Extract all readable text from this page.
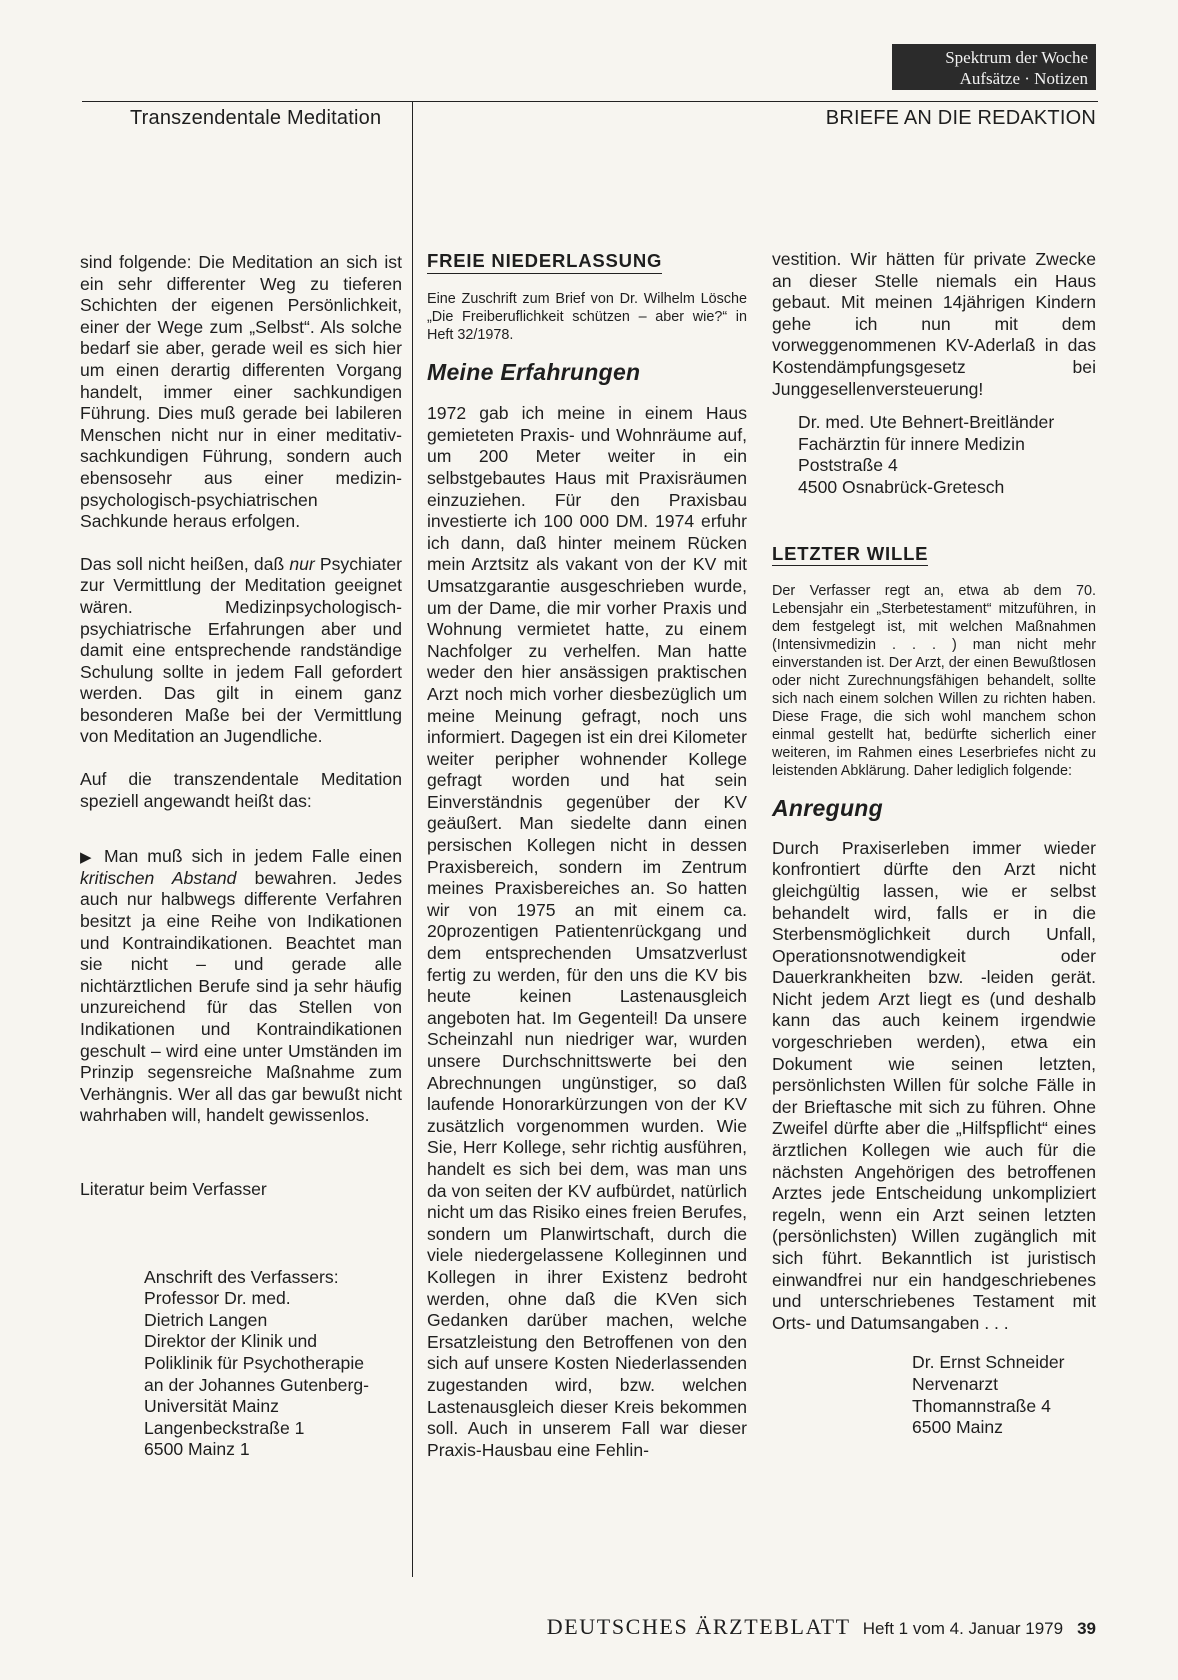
Spektrum der Woche
Aufsätze · Notizen
Transzendentale Meditation	BRIEFE AN DIE REDAKTION

sind folgende: Die Meditation an sich ist ein sehr differenter Weg zu tieferen Schichten der eigenen Persönlichkeit, einer der Wege zum „Selbst“. Als solche bedarf sie aber, gerade weil es sich hier um einen derartig differenten Vorgang handelt, immer einer sachkundigen Führung. Dies muß gerade bei labileren Menschen nicht nur in einer meditativ-sachkundigen Führung, sondern auch ebensosehr aus einer medizin-psychologisch-psychiatrischen Sachkunde heraus erfolgen.

Das soll nicht heißen, daß nur Psychiater zur Vermittlung der Meditation geeignet wären. Medizinpsychologisch-psychiatrische Erfahrungen aber und damit eine entsprechende randständige Schulung sollte in jedem Fall gefordert werden. Das gilt in einem ganz besonderen Maße bei der Vermittlung von Meditation an Jugendliche.

Auf die transzendentale Meditation speziell angewandt heißt das:

▶ Man muß sich in jedem Falle einen kritischen Abstand bewahren. Jedes auch nur halbwegs differente Verfahren besitzt ja eine Reihe von Indikationen und Kontraindikationen. Beachtet man sie nicht – und gerade alle nichtärztlichen Berufe sind ja sehr häufig unzureichend für das Stellen von Indikationen und Kontraindikationen geschult – wird eine unter Umständen im Prinzip segensreiche Maßnahme zum Verhängnis. Wer all das gar bewußt nicht wahrhaben will, handelt gewissenlos.

Literatur beim Verfasser
Anschrift des Verfassers:
Professor Dr. med.
Dietrich Langen
Direktor der Klinik und
Poliklinik für Psychotherapie
an der Johannes Gutenberg-
Universität Mainz
Langenbeckstraße 1
6500 Mainz 1
FREIE NIEDERLASSUNG

Eine Zuschrift zum Brief von Dr. Wilhelm Lösche „Die Freiberuflichkeit schützen – aber wie?“ in Heft 32/1978.

Meine Erfahrungen

1972 gab ich meine in einem Haus gemieteten Praxis- und Wohnräume auf, um 200 Meter weiter in ein selbstgebautes Haus mit Praxisräumen einzuziehen. Für den Praxisbau investierte ich 100 000 DM. 1974 erfuhr ich dann, daß hinter meinem Rücken mein Arztsitz als vakant von der KV mit Umsatzgarantie ausgeschrieben wurde, um der Dame, die mir vorher Praxis und Wohnung vermietet hatte, zu einem Nachfolger zu verhelfen. Man hatte weder den hier ansässigen praktischen Arzt noch mich vorher diesbezüglich um meine Meinung gefragt, noch uns informiert. Dagegen ist ein drei Kilometer weiter peripher wohnender Kollege gefragt worden und hat sein Einverständnis gegenüber der KV geäußert. Man siedelte dann einen persischen Kollegen nicht in dessen Praxisbereich, sondern im Zentrum meines Praxisbereiches an. So hatten wir von 1975 an mit einem ca. 20prozentigen Patientenrückgang und dem entsprechenden Umsatzverlust fertig zu werden, für den uns die KV bis heute keinen Lastenausgleich angeboten hat. Im Gegenteil! Da unsere Scheinzahl nun niedriger war, wurden unsere Durchschnittswerte bei den Abrechnungen ungünstiger, so daß laufende Honorarkürzungen von der KV zusätzlich vorgenommen wurden. Wie Sie, Herr Kollege, sehr richtig ausführen, handelt es sich bei dem, was man uns da von seiten der KV aufbürdet, natürlich nicht um das Risiko eines freien Berufes, sondern um Planwirtschaft, durch die viele niedergelassene Kolleginnen und Kollegen in ihrer Existenz bedroht werden, ohne daß die KVen sich Gedanken darüber machen, welche Ersatzleistung den Betroffenen von den sich auf unsere Kosten Niederlassenden zugestanden wird, bzw. welchen Lastenausgleich dieser Kreis bekommen soll. Auch in unserem Fall war dieser Praxis-Hausbau eine Fehlin-

vestition. Wir hätten für private Zwecke an dieser Stelle niemals ein Haus gebaut. Mit meinen 14jährigen Kindern gehe ich nun mit dem vorweggenommenen KV-Aderlaß in das Kostendämpfungsgesetz bei Junggesellenversteuerung!

Dr. med. Ute Behnert-Breitländer
Fachärztin für innere Medizin
Poststraße 4
4500 Osnabrück-Gretesch
LETZTER WILLE

Der Verfasser regt an, etwa ab dem 70. Lebensjahr ein „Sterbetestament“ mitzuführen, in dem festgelegt ist, mit welchen Maßnahmen (Intensivmedizin . . . ) man nicht mehr einverstanden ist. Der Arzt, der einen Bewußtlosen oder nicht Zurechnungsfähigen behandelt, sollte sich nach einem solchen Willen zu richten haben. Diese Frage, die sich wohl manchem schon einmal gestellt hat, bedürfte sicherlich einer weiteren, im Rahmen eines Leserbriefes nicht zu leistenden Abklärung. Daher lediglich folgende:

Anregung

Durch Praxiserleben immer wieder konfrontiert dürfte den Arzt nicht gleichgültig lassen, wie er selbst behandelt wird, falls er in die Sterbensmöglichkeit durch Unfall, Operationsnotwendigkeit oder Dauerkrankheiten bzw. -leiden gerät. Nicht jedem Arzt liegt es (und deshalb kann das auch keinem irgendwie vorgeschrieben werden), etwa ein Dokument wie seinen letzten, persönlichsten Willen für solche Fälle in der Brieftasche mit sich zu führen. Ohne Zweifel dürfte aber die „Hilfspflicht“ eines ärztlichen Kollegen wie auch für die nächsten Angehörigen des betroffenen Arztes jede Entscheidung unkompliziert regeln, wenn ein Arzt seinen letzten (persönlichsten) Willen zugänglich mit sich führt. Bekanntlich ist juristisch einwandfrei nur ein handgeschriebenes und unterschriebenes Testament mit Orts- und Datumsangaben . . .

Dr. Ernst Schneider
Nervenarzt
Thomannstraße 4
6500 Mainz
DEUTSCHES ÄRZTEBLATT Heft 1 vom 4. Januar 1979 39
